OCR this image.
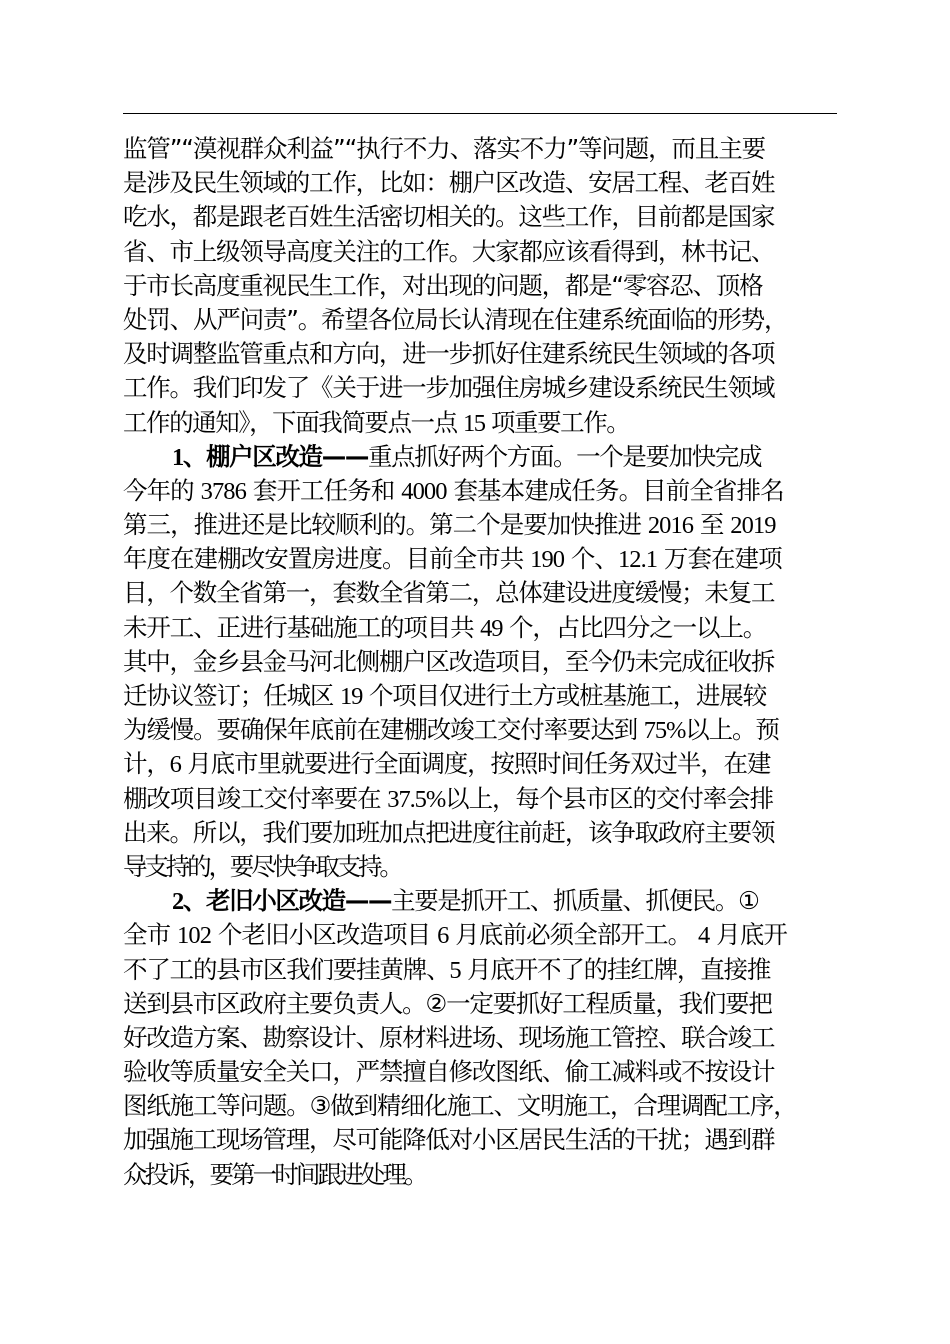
监管”“漠视群众利益”“执行不力、落实不力”等问题，而且主要
是涉及民生领域的工作，比如：棚户区改造、安居工程、老百姓
吃水，都是跟老百姓生活密切相关的。这些工作，目前都是国家
省、市上级领导高度关注的工作。大家都应该看得到，林书记、
于市长高度重视民生工作，对出现的问题，都是“零容忍、顶格
处罚、从严问责”。希望各位局长认清现在住建系统面临的形势，
及时调整监管重点和方向，进一步抓好住建系统民生领域的各项
工作。我们印发了《关于进一步加强住房城乡建设系统民生领域
工作的通知》，下面我简要点一点 15 项重要工作。
1、棚户区改造——重点抓好两个方面。一个是要加快完成
今年的 3786 套开工任务和 4000 套基本建成任务。目前全省排名
第三，推进还是比较顺利的。第二个是要加快推进 2016 至 2019
年度在建棚改安置房进度。目前全市共 190 个、12.1 万套在建项
目，个数全省第一，套数全省第二，总体建设进度缓慢；未复工
未开工、正进行基础施工的项目共 49 个，占比四分之一以上。
其中，金乡县金马河北侧棚户区改造项目，至今仍未完成征收拆
迁协议签订；任城区 19 个项目仅进行土方或桩基施工，进展较
为缓慢。要确保年底前在建棚改竣工交付率要达到 75%以上。预
计，6 月底市里就要进行全面调度，按照时间任务双过半，在建
棚改项目竣工交付率要在 37.5%以上，每个县市区的交付率会排
出来。所以，我们要加班加点把进度往前赶，该争取政府主要领
导支持的，要尽快争取支持。
2、老旧小区改造——主要是抓开工、抓质量、抓便民。①
全市 102 个老旧小区改造项目 6 月底前必须全部开工。 4 月底开
不了工的县市区我们要挂黄牌、5 月底开不了的挂红牌，直接推
送到县市区政府主要负责人。②一定要抓好工程质量，我们要把
好改造方案、勘察设计、原材料进场、现场施工管控、联合竣工
验收等质量安全关口，严禁擅自修改图纸、偷工减料或不按设计
图纸施工等问题。③做到精细化施工、文明施工，合理调配工序，
加强施工现场管理，尽可能降低对小区居民生活的干扰；遇到群
众投诉，要第一时间跟进处理。
